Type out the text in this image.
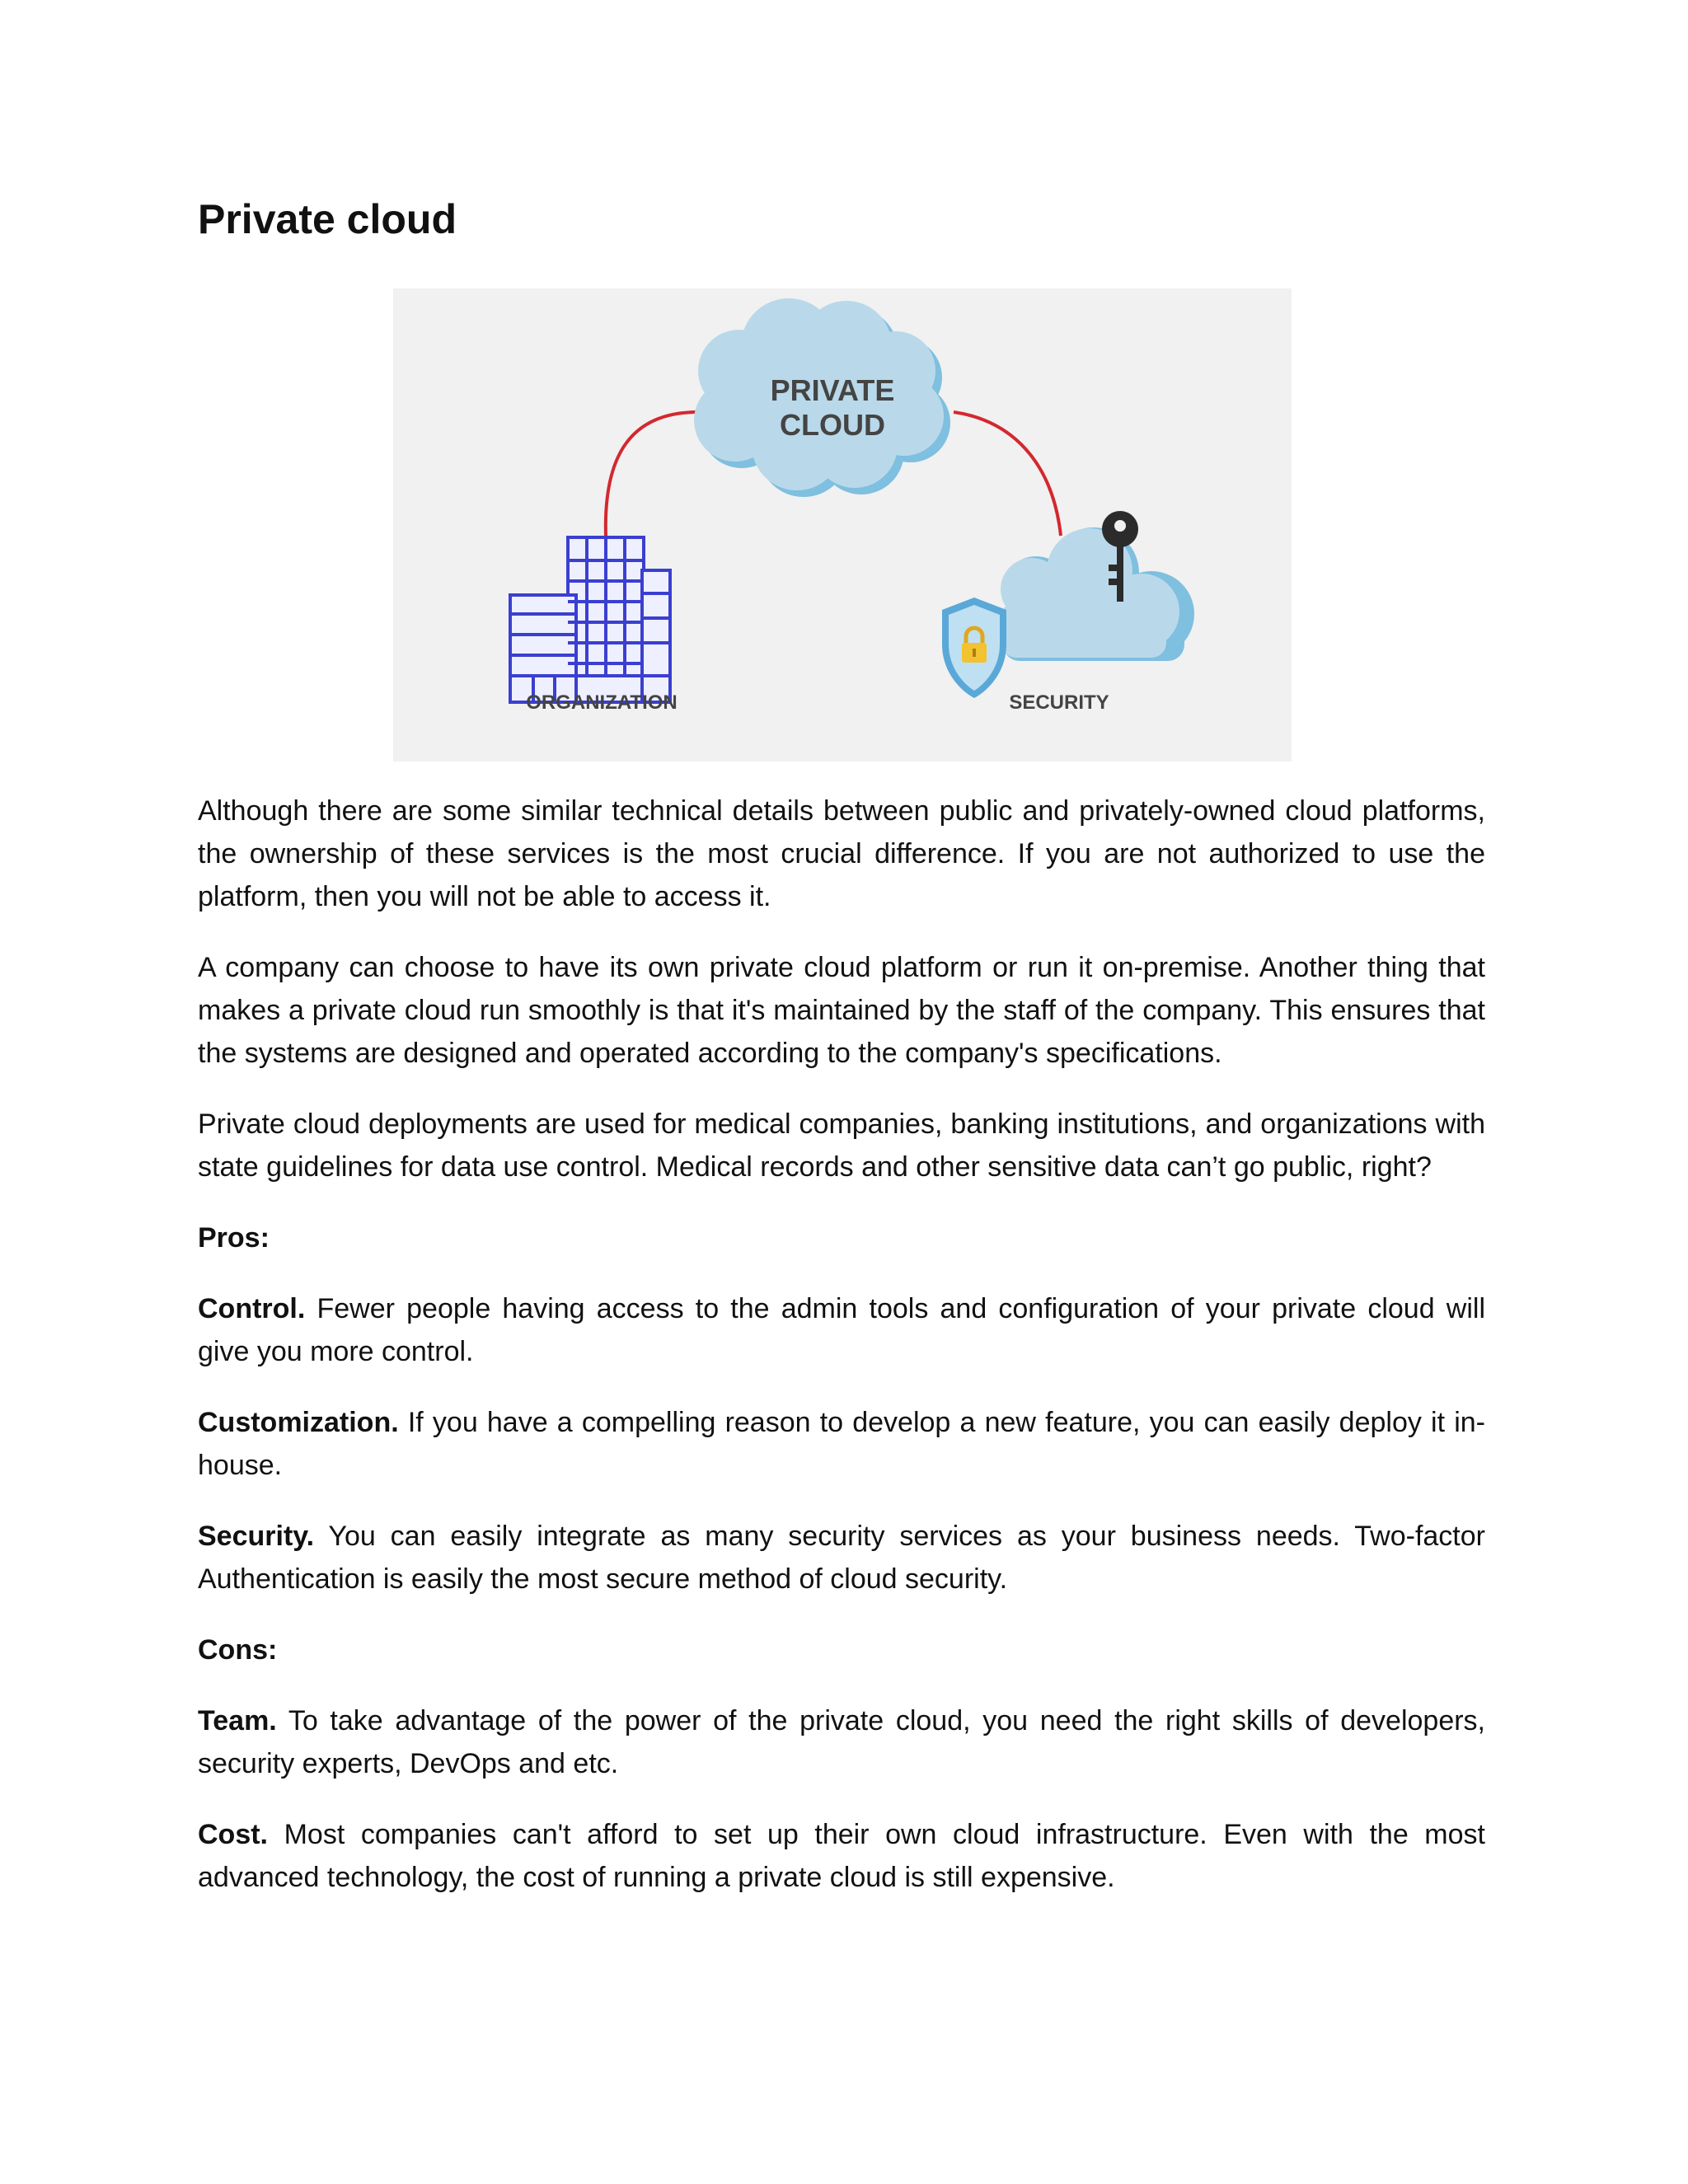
Private cloud
PRIVATE
CLOUD
ORGANIZATION	SECURITY

Although there are some similar technical details between public and privately-owned cloud platforms, the ownership of these services is the most crucial difference. If you are not authorized to use the platform, then you will not be able to access it.

A company can choose to have its own private cloud platform or run it on-premise. Another thing that makes a private cloud run smoothly is that it's maintained by the staff of the company. This ensures that the systems are designed and operated according to the company's specifications.

Private cloud deployments are used for medical companies, banking institutions, and organizations with state guidelines for data use control. Medical records and other sensitive data can’t go public, right?

Pros:

Control. Fewer people having access to the admin tools and configuration of your private cloud will give you more control.

Customization. If you have a compelling reason to develop a new feature, you can easily deploy it in-house.

Security. You can easily integrate as many security services as your business needs. Two-factor Authentication is easily the most secure method of cloud security.

Cons:

Team. To take advantage of the power of the private cloud, you need the right skills of developers, security experts, DevOps and etc.

Cost. Most companies can't afford to set up their own cloud infrastructure. Even with the most advanced technology, the cost of running a private cloud is still expensive.
